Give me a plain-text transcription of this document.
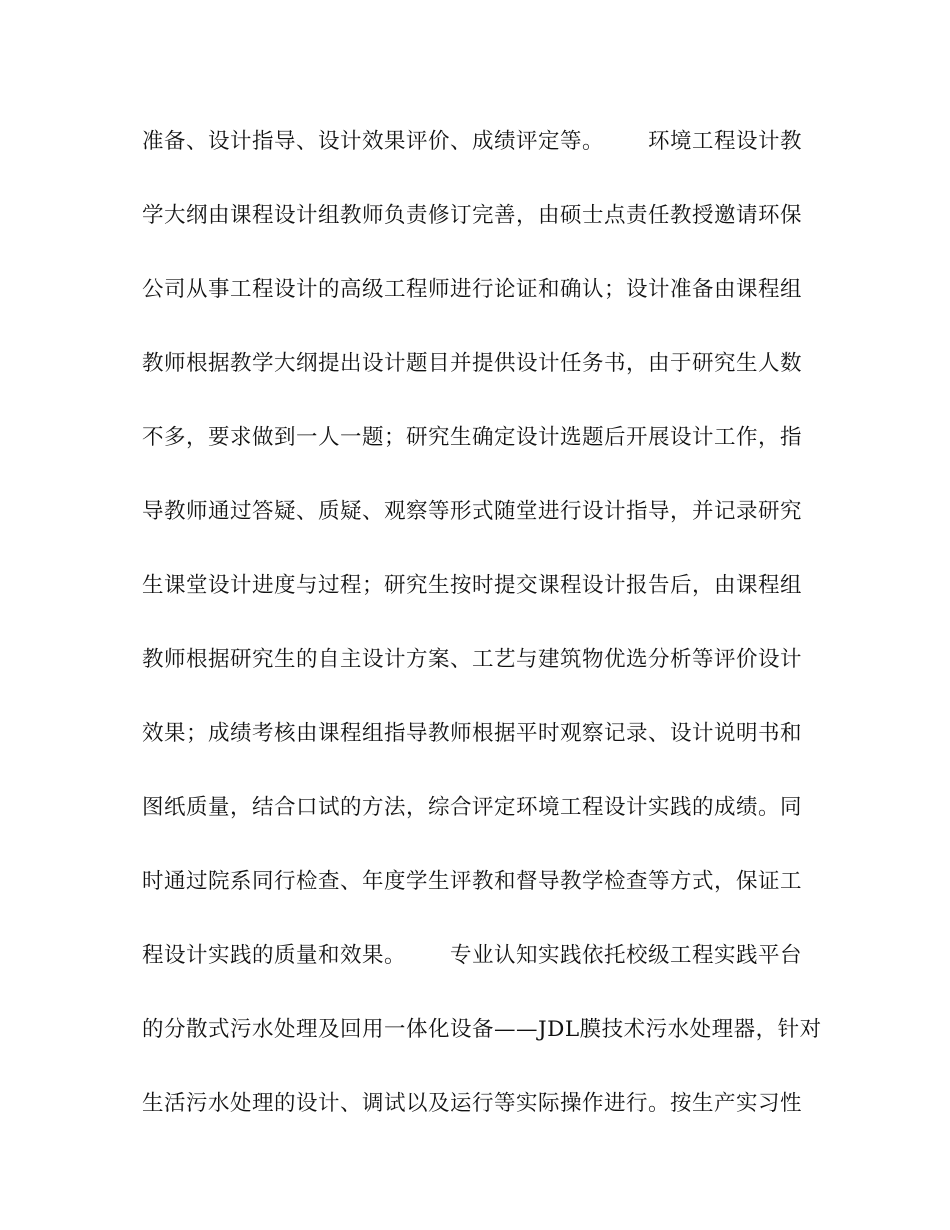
准备、设计指导、设计效果评价、成绩评定等。      环境工程设计教
学大纲由课程设计组教师负责修订完善，由硕士点责任教授邀请环保
公司从事工程设计的高级工程师进行论证和确认；设计准备由课程组
教师根据教学大纲提出设计题目并提供设计任务书，由于研究生人数
不多，要求做到一人一题；研究生确定设计选题后开展设计工作，指
导教师通过答疑、质疑、观察等形式随堂进行设计指导，并记录研究
生课堂设计进度与过程；研究生按时提交课程设计报告后，由课程组
教师根据研究生的自主设计方案、工艺与建筑物优选分析等评价设计
效果；成绩考核由课程组指导教师根据平时观察记录、设计说明书和
图纸质量，结合口试的方法，综合评定环境工程设计实践的成绩。同
时通过院系同行检查、年度学生评教和督导教学检查等方式，保证工
程设计实践的质量和效果。      专业认知实践依托校级工程实践平台
的分散式污水处理及回用一体化设备——JDL膜技术污水处理器，针对
生活污水处理的设计、调试以及运行等实际操作进行。按生产实习性
